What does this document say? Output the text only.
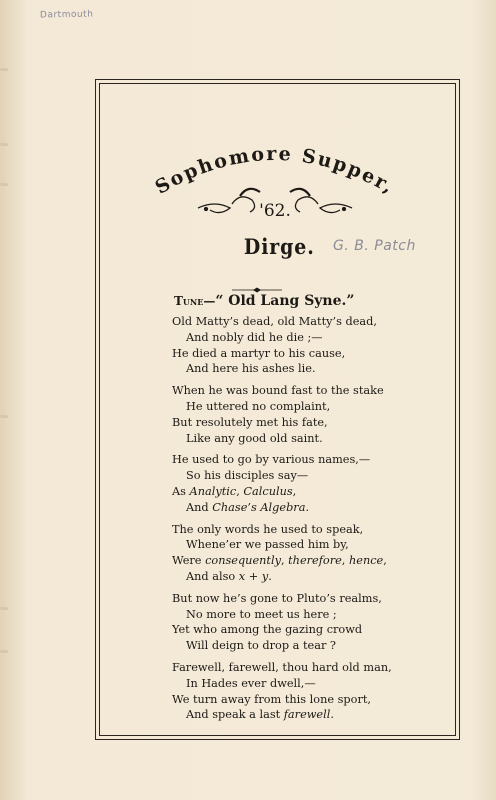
Dartmouth
Sophomore Supper,
'62.
Dirge. G. B. Patch
Tune—“ Old Lang Syne.”
Old Matty’s dead, old Matty’s dead,
And nobly did he die ;—
He died a martyr to his cause,
And here his ashes lie.
When he was bound fast to the stake
He uttered no complaint,
But resolutely met his fate,
Like any good old saint.
He used to go by various names,—
So his disciples say—
As Analytic, Calculus,
And Chase’s Algebra.
The only words he used to speak,
Whene’er we passed him by,
Were consequently, therefore, hence,
And also x + y.
But now he’s gone to Pluto’s realms,
No more to meet us here ;
Yet who among the gazing crowd
Will deign to drop a tear ?
Farewell, farewell, thou hard old man,
In Hades ever dwell,—
We turn away from this lone sport,
And speak a last farewell.
